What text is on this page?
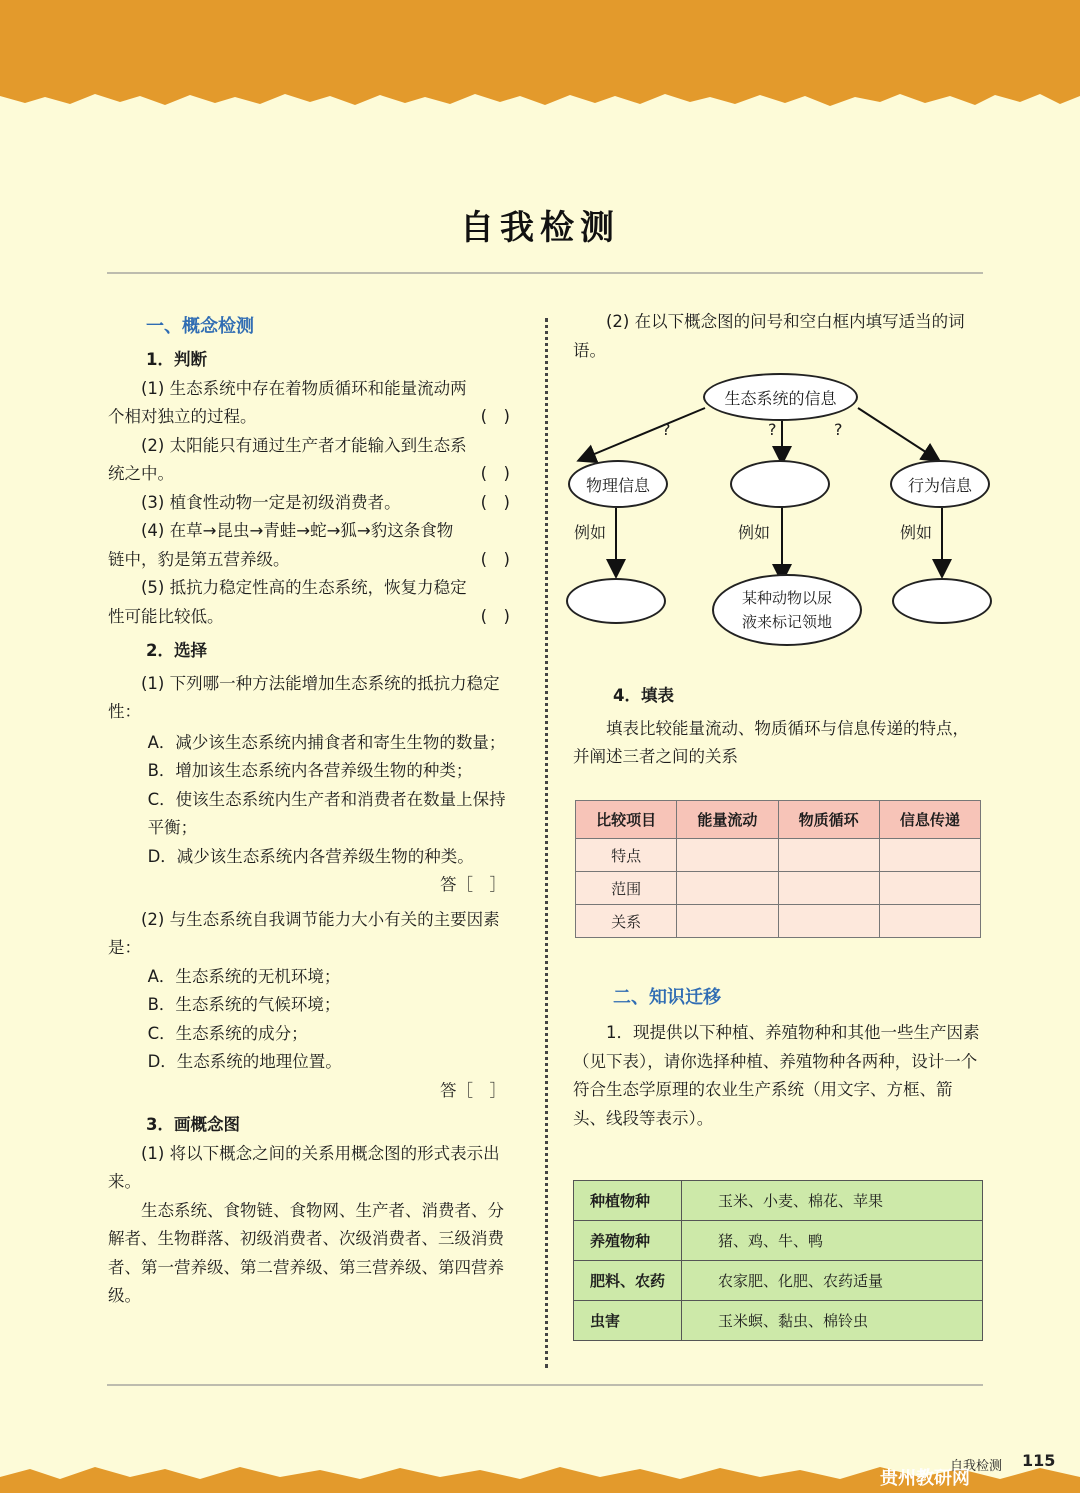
自我检测

一、概念检测

1．判断

(1) 生态系统中存在着物质循环和能量流动两

个相对独立的过程。	(　)

(2) 太阳能只有通过生产者才能输入到生态系

统之中。	(　)

(3) 植食性动物一定是初级消费者。	(　)

(4) 在草→昆虫→青蛙→蛇→狐→豹这条食物

链中，豹是第五营养级。	(　)

(5) 抵抗力稳定性高的生态系统，恢复力稳定

性可能比较低。	(　)

2．选择

(1) 下列哪一种方法能增加生态系统的抵抗力稳定性：

A．减少该生态系统内捕食者和寄生生物的数量；

B．增加该生态系统内各营养级生物的种类；

C．使该生态系统内生产者和消费者在数量上保持平衡；

D．减少该生态系统内各营养级生物的种类。

答［　］

(2) 与生态系统自我调节能力大小有关的主要因素是：

A．生态系统的无机环境；

B．生态系统的气候环境；

C．生态系统的成分；

D．生态系统的地理位置。

答［　］

3．画概念图

(1) 将以下概念之间的关系用概念图的形式表示出来。

生态系统、食物链、食物网、生产者、消费者、分解者、生物群落、初级消费者、次级消费者、三级消费者、第一营养级、第二营养级、第三营养级、第四营养级。

(2) 在以下概念图的问号和空白框内填写适当的词语。

生态系统的信息
物理信息	行为信息
某种动物以尿
液来标记领地
?	?	?
例如	例如	例如

4．填表

填表比较能量流动、物质循环与信息传递的特点，并阐述三者之间的关系

比较项目	能量流动	物质循环	信息传递
特点			
范围			
关系			

二、知识迁移

1．现提供以下种植、养殖物种和其他一些生产因素（见下表），请你选择种植、养殖物种各两种，设计一个符合生态学原理的农业生产系统（用文字、方框、箭头、线段等表示）。

种植物种	玉米、小麦、棉花、苹果
养殖物种	猪、鸡、牛、鸭
肥料、农药	农家肥、化肥、农药适量
虫害	玉米螟、黏虫、棉铃虫
自我检测 115
贵州教研网
